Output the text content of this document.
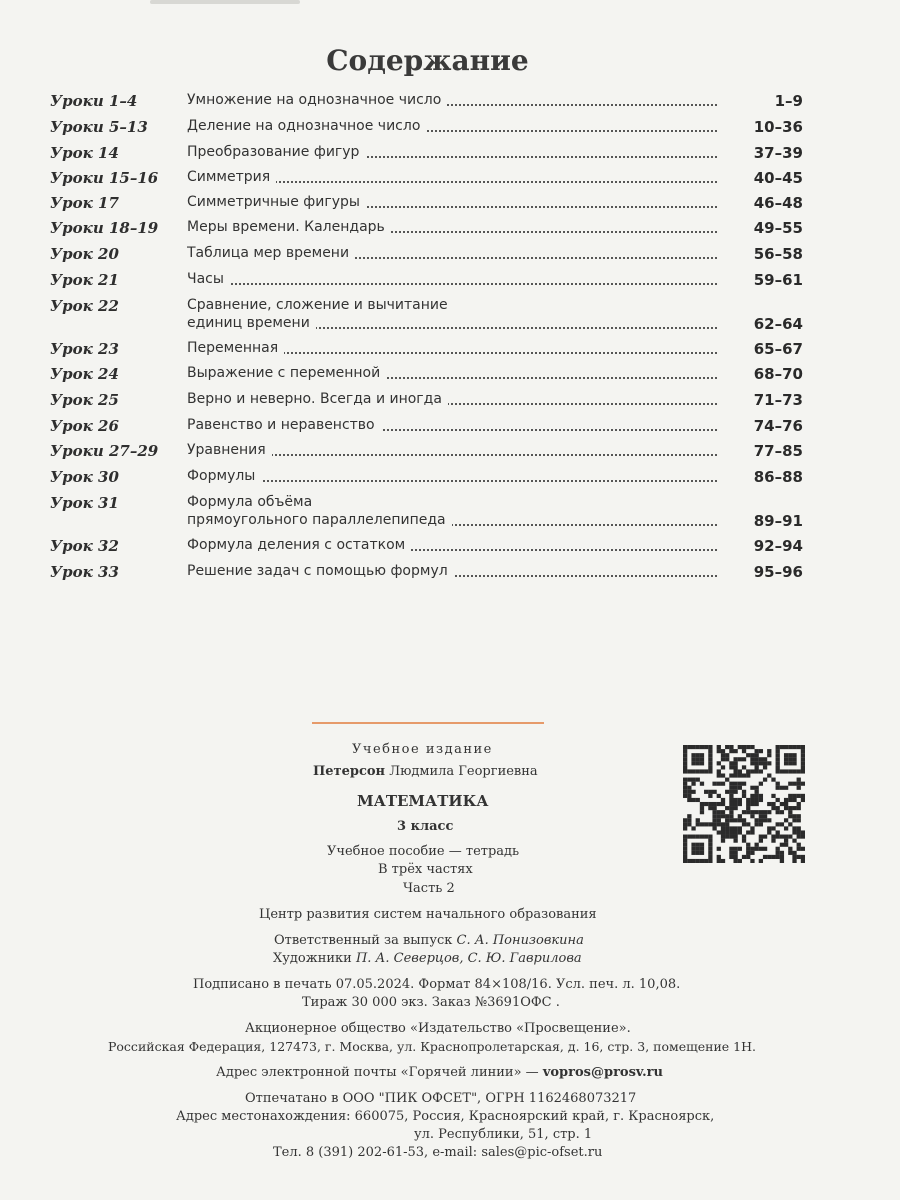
Содержание
Уроки 1–4	Умножение на однозначное число	1–9
Уроки 5–13	Деление на однозначное число	10–36
Урок 14	Преобразование фигур	37–39
Уроки 15–16	Симметрия	40–45
Урок 17	Симметричные фигуры	46–48
Уроки 18–19	Меры времени. Календарь	49–55
Урок 20	Таблица мер времени	56–58
Урок 21	Часы	59–61
Урок 22	Сравнение, сложение и вычитание
единиц времени	62–64
Урок 23	Переменная	65–67
Урок 24	Выражение с переменной	68–70
Урок 25	Верно и неверно. Всегда и иногда	71–73
Урок 26	Равенство и неравенство	74–76
Уроки 27–29	Уравнения	77–85
Урок 30	Формулы	86–88
Урок 31	Формула объёма
прямоугольного параллелепипеда	89–91
Урок 32	Формула деления с остатком	92–94
Урок 33	Решение задач с помощью формул	95–96
Учебное издание
Петерсон Людмила Георгиевна
МАТЕМАТИКА
3 класс
Учебное пособие — тетрадь
В трёх частях
Часть 2
Центр развития систем начального образования
Ответственный за выпуск С. А. Понизовкина
Художники П. А. Северцов, С. Ю. Гаврилова
Подписано в печать 07.05.2024. Формат 84×108/16. Усл. печ. л. 10,08.
Тираж 30 000 экз. Заказ №3691ОФС .
Акционерное общество «Издательство «Просвещение».
Российская Федерация, 127473, г. Москва, ул. Краснопролетарская, д. 16, стр. 3, помещение 1Н.
Адрес электронной почты «Горячей линии» — vopros@prosv.ru
Отпечатано в ООО "ПИК ОФСЕТ", ОГРН 1162468073217
Адрес местонахождения: 660075, Россия, Красноярский край, г. Красноярск,
ул. Республики, 51, стр. 1
Тел. 8 (391) 202-61-53, e-mail: sales@pic-ofset.ru
